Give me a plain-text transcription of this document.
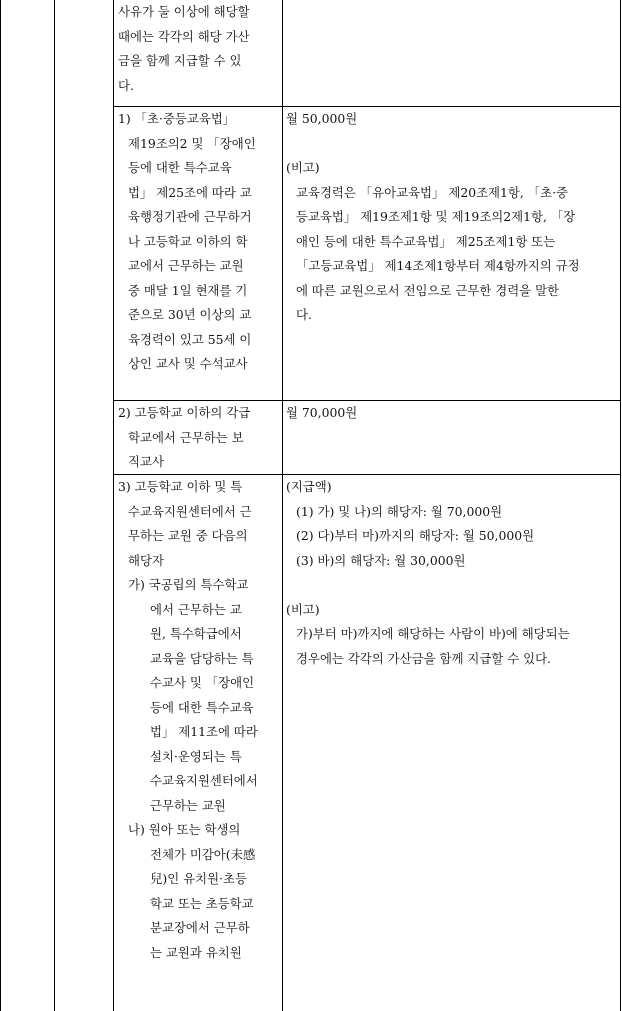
사유가 둘 이상에 해당할
때에는 각각의 해당 가산
금을 함께 지급할 수 있
다.
1) 「초·중등교육법」
제19조의2 및 「장애인
등에 대한 특수교육
법」 제25조에 따라 교
육행정기관에 근무하거
나 고등학교 이하의 학
교에서 근무하는 교원
중 매달 1일 현재를 기
준으로 30년 이상의 교
육경력이 있고 55세 이
상인 교사 및 수석교사
월 50,000원

(비고)
교육경력은 「유아교육법」 제20조제1항, 「초·중
등교육법」 제19조제1항 및 제19조의2제1항, 「장
애인 등에 대한 특수교육법」 제25조제1항 또는
「고등교육법」 제14조제1항부터 제4항까지의 규정
에 따른 교원으로서 전임으로 근무한 경력을 말한
다.
2) 고등학교 이하의 각급
학교에서 근무하는 보
직교사
월 70,000원
3) 고등학교 이하 및 특
수교육지원센터에서 근
무하는 교원 중 다음의
해당자
가) 국공립의 특수학교
에서 근무하는 교
원, 특수학급에서
교육을 담당하는 특
수교사 및 「장애인
등에 대한 특수교육
법」 제11조에 따라
설치·운영되는 특
수교육지원센터에서
근무하는 교원
나) 원아 또는 학생의
전체가 미감아(未感
兒)인 유치원·초등
학교 또는 초등학교
분교장에서 근무하
는 교원과 유치원
(지급액)
(1) 가) 및 나)의 해당자: 월 70,000원
(2) 다)부터 마)까지의 해당자: 월 50,000원
(3) 바)의 해당자: 월 30,000원

(비고)
가)부터 마)까지에 해당하는 사람이 바)에 해당되는
경우에는 각각의 가산금을 함께 지급할 수 있다.
